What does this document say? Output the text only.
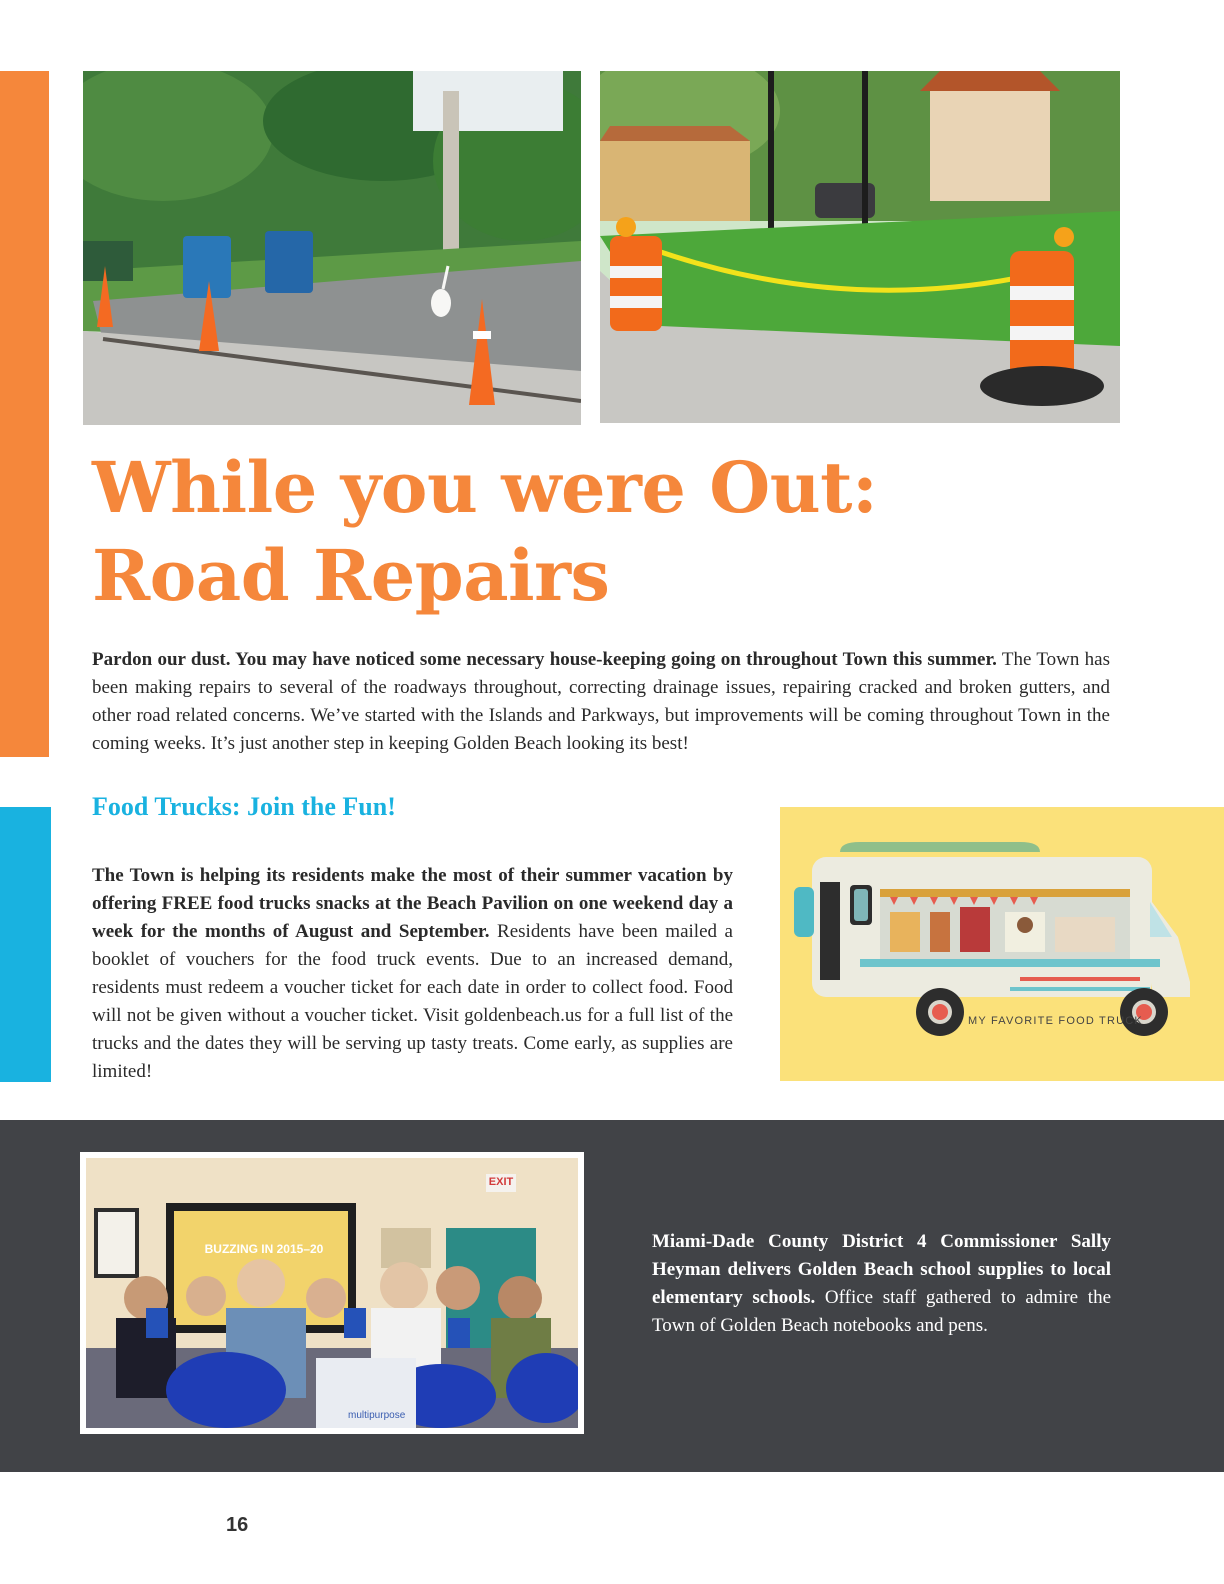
While you were Out:
Road Repairs

Pardon our dust. You may have noticed some necessary house-keeping going on throughout Town this summer. The Town has been making repairs to several of the roadways throughout, correcting drainage issues, repairing cracked and broken gutters, and other road related concerns. We’ve started with the Islands and Parkways, but improvements will be coming throughout Town in the coming weeks. It’s just another step in keeping Golden Beach looking its best!

Food Trucks: Join the Fun!

The Town is helping its residents make the most of their summer vacation by offering FREE food trucks snacks at the Beach Pavilion on one weekend day a week for the months of August and September. Residents have been mailed a booklet of vouchers for the food truck events. Due to an increased demand, residents must redeem a voucher ticket for each date in order to collect food. Food will not be given without a voucher ticket. Visit goldenbeach.us for a full list of the trucks and the dates they will be serving up tasty treats. Come early, as supplies are limited!

MY FAVORITE FOOD TRUCK
EXIT
BUZZING IN 2015–20
multipurpose

Miami-Dade County District 4 Commissioner Sally Heyman delivers Golden Beach school supplies to local elementary schools. Office staff gathered to admire the Town of Golden Beach notebooks and pens.

16
